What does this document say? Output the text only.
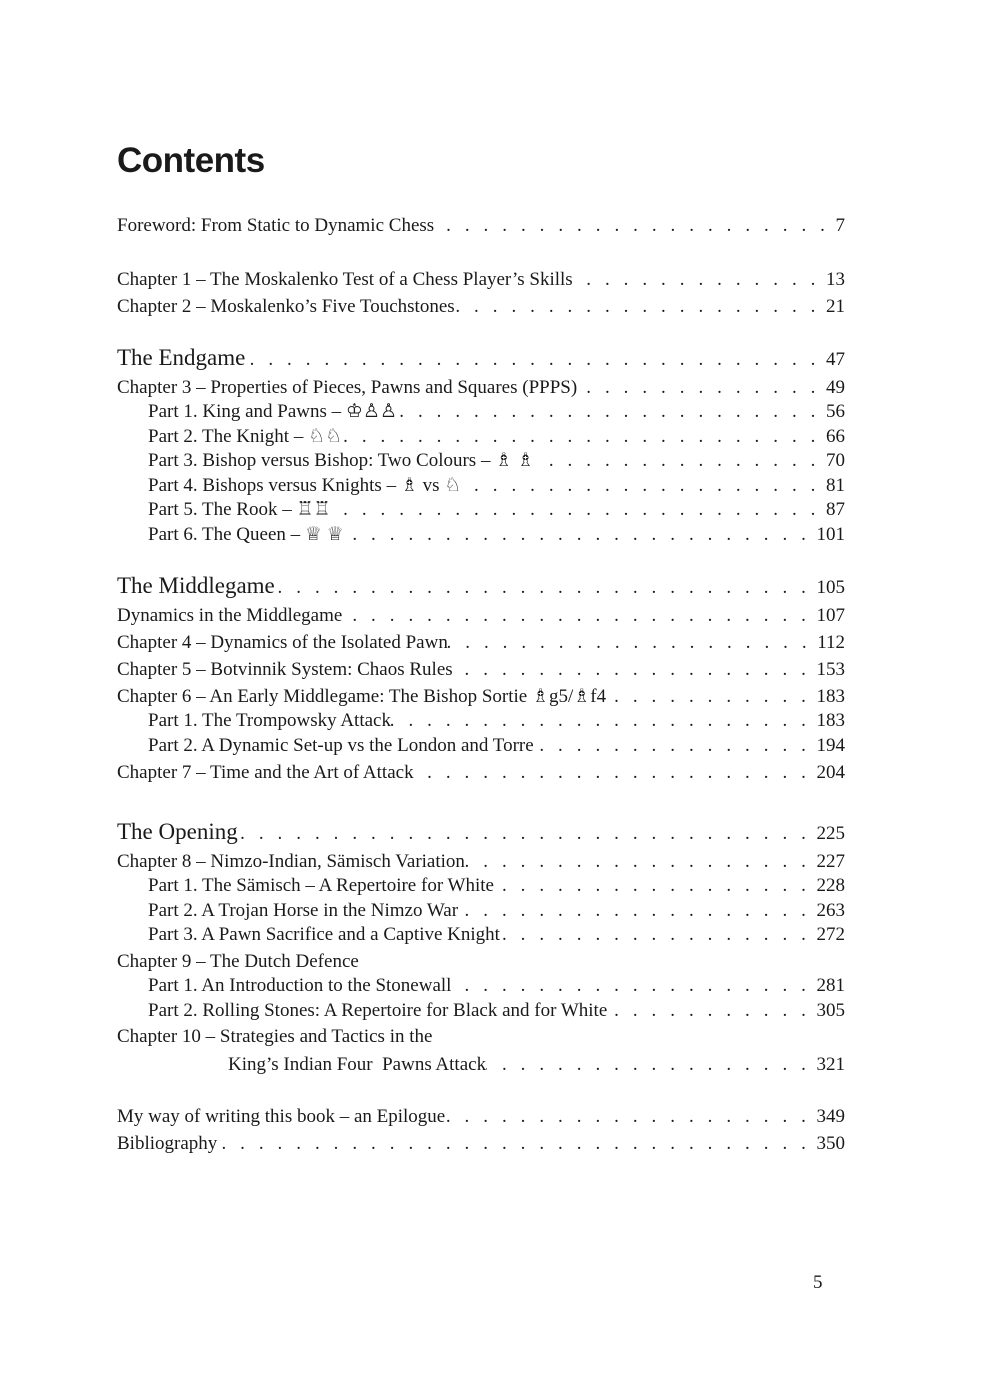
Contents
Foreword: From Static to Dynamic Chess . . .	7
Chapter 1 – The Moskalenko Test of a Chess Player’s Skills . . .	13
Chapter 2 – Moskalenko’s Five Touchstones . . .	21
The Endgame . . .	47
Chapter 3 – Properties of Pieces, Pawns and Squares (PPPS) . . .	49
Part 1. King and Pawns – ♔♙♙ . . .	56
Part 2. The Knight – ♘♘ . . .	66
Part 3. Bishop versus Bishop: Two Colours – ♗ ♗ . . .	70
Part 4. Bishops versus Knights – ♗ vs ♘ . . .	81
Part 5. The Rook – ♖♖ . . .	87
Part 6. The Queen – ♕ ♕ . . .	101
The Middlegame . . .	105
Dynamics in the Middlegame . . .	107
Chapter 4 – Dynamics of the Isolated Pawn . . .	112
Chapter 5 – Botvinnik System: Chaos Rules . . .	153
Chapter 6 – An Early Middlegame: The Bishop Sortie ♗g5/♗f4 . . .	183
Part 1. The Trompowsky Attack . . .	183
Part 2. A Dynamic Set-up vs the London and Torre . . .	194
Chapter 7 – Time and the Art of Attack . . .	204
The Opening . . .	225
Chapter 8 – Nimzo-Indian, Sämisch Variation . . .	227
Part 1. The Sämisch – A Repertoire for White . . .	228
Part 2. A Trojan Horse in the Nimzo War . . .	263
Part 3. A Pawn Sacrifice and a Captive Knight . . .	272
Chapter 9 – The Dutch Defence
Part 1. An Introduction to the Stonewall . . .	281
Part 2. Rolling Stones: A Repertoire for Black and for White . . .	305
Chapter 10 – Strategies and Tactics in the
King’s Indian Four  Pawns Attack . . .	321
My way of writing this book – an Epilogue . . .	349
Bibliography . . .	350
5
